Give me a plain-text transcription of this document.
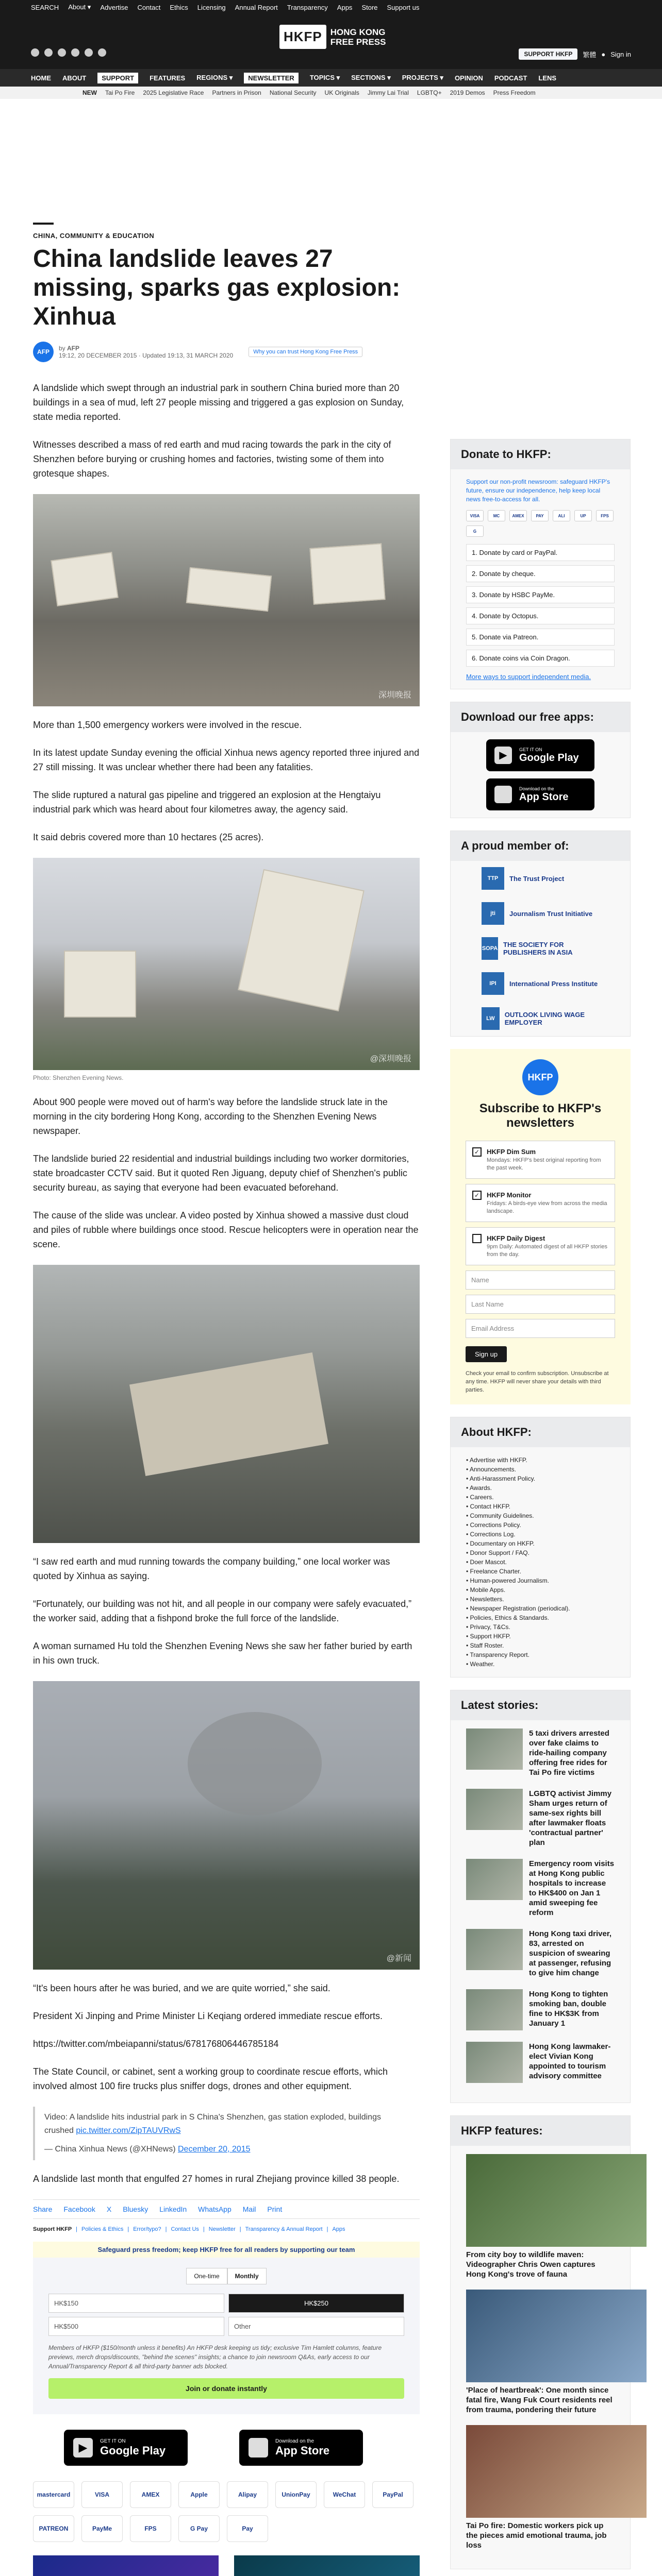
SEARCH About ▾ Advertise Contact Ethics Licensing Annual Report Transparency Apps Store Support us
HKFP HONG KONG
FREE PRESS
SUPPORT HKFP	繁體 ● Sign in
HOME ABOUT	SUPPORT	FEATURES REGIONS ▾	NEWSLETTER	TOPICS ▾ SECTIONS ▾ PROJECTS ▾ OPINION PODCAST LENS
NEW Tai Po Fire 2025 Legislative Race Partners in Prison National Security UK Originals Jimmy Lai Trial LGBTQ+ 2019 Demos Press Freedom
CHINA, COMMUNITY & EDUCATION
China landslide leaves 27 missing, sparks gas explosion: Xinhua
AFP	by AFP
19:12, 20 DECEMBER 2015 · Updated 19:13, 31 MARCH 2020	Why you can trust Hong Kong Free Press

A landslide which swept through an industrial park in southern China buried more than 20 buildings in a sea of mud, left 27 people missing and triggered a gas explosion on Sunday, state media reported.

Witnesses described a mass of red earth and mud racing towards the park in the city of Shenzhen before burying or crushing homes and factories, twisting some of them into grotesque shapes.

深圳晚报

More than 1,500 emergency workers were involved in the rescue.

In its latest update Sunday evening the official Xinhua news agency reported three injured and 27 still missing. It was unclear whether there had been any fatalities.

The slide ruptured a natural gas pipeline and triggered an explosion at the Hengtaiyu industrial park which was heard about four kilometres away, the agency said.

It said debris covered more than 10 hectares (25 acres).

@深圳晚报
Photo: Shenzhen Evening News.

About 900 people were moved out of harm's way before the landslide struck late in the morning in the city bordering Hong Kong, according to the Shenzhen Evening News newspaper.

The landslide buried 22 residential and industrial buildings including two worker dormitories, state broadcaster CCTV said. But it quoted Ren Jiguang, deputy chief of Shenzhen's public security bureau, as saying that everyone had been evacuated beforehand.

The cause of the slide was unclear. A video posted by Xinhua showed a massive dust cloud and piles of rubble where buildings once stood. Rescue helicopters were in operation near the scene.

“I saw red earth and mud running towards the company building,” one local worker was quoted by Xinhua as saying.

“Fortunately, our building was not hit, and all people in our company were safely evacuated,” the worker said, adding that a fishpond broke the full force of the landslide.

A woman surnamed Hu told the Shenzhen Evening News she saw her father buried by earth in his own truck.

@新闻

“It's been hours after he was buried, and we are quite worried,” she said.

President Xi Jinping and Prime Minister Li Keqiang ordered immediate rescue efforts.

https://twitter.com/mbeiapanni/status/678176806446785184

The State Council, or cabinet, sent a working group to coordinate rescue efforts, which involved almost 100 fire trucks plus sniffer dogs, drones and other equipment.

Video: A landslide hits industrial park in S China's Shenzhen, gas station exploded, buildings crushed pic.twitter.com/ZipTAUVRwS
— China Xinhua News (@XHNews) December 20, 2015

A landslide last month that engulfed 27 homes in rural Zhejiang province killed 38 people.

Share Facebook X Bluesky LinkedIn WhatsApp Mail Print
Support HKFP | Policies & Ethics | Error/typo? | Contact Us | Newsletter | Transparency & Annual Report | Apps
Safeguard press freedom; keep HKFP free for all readers by supporting our team
One-time	Monthly
HK$150	HK$250
HK$500	Other
Members of HKFP ($150/month unless it benefits) An HKFP desk keeping us tidy; exclusive Tim Hamlett columns, feature previews, merch drops/discounts, "behind the scenes" insights; a chance to join newsroom Q&As, early access to our Annual/Transparency Report & all third-party banner ads blocked.
Join or donate instantly
▶	GET IT ON
Google Play
Download on the
App Store
mastercard	VISA	AMEX	Apple	Alipay	UnionPay	WeChat	PayPal
PATREON	PayMe	FPS	G Pay	Pay
Donate to HKFP:
Support our non-profit newsroom: safeguard HKFP's future, ensure our independence, help keep local news free-to-access for all.
VISA	MC	AMEX	PAY	ALI	UP	FPS
G
1. Donate by card or PayPal.
2. Donate by cheque.
3. Donate by HSBC PayMe.
4. Donate by Octopus.
5. Donate via Patreon.
6. Donate coins via Coin Dragon.
More ways to support independent media.
Download our free apps:
▶
GET IT ON
Google Play
Download on the
App Store
A proud member of:
TTP	The Trust Project
jti	Journalism Trust Initiative
SOPA THE SOCIETY FOR PUBLISHERS IN ASIA
IPI	International Press Institute
LW	OUTLOOK LIVING WAGE EMPLOYER
HKFP
Subscribe to HKFP's newsletters
✓	HKFP Dim Sum

Mondays: HKFP's best original reporting from the past week.

✓	HKFP Monitor

Fridays: A birds-eye view from across the media landscape.

HKFP Daily Digest

9pm Daily: Automated digest of all HKFP stories from the day.

Name
Last Name
Email Address
Sign up
Check your email to confirm subscription. Unsubscribe at any time. HKFP will never share your details with third parties.
About HKFP:
• Advertise with HKFP.
• Announcements.
• Anti-Harassment Policy.
• Awards.
• Careers.
• Contact HKFP.
• Community Guidelines.
• Corrections Policy.
• Corrections Log.
• Documentary on HKFP.
• Donor Support / FAQ.
• Doer Mascot.
• Freelance Charter.
• Human-powered Journalism.
• Mobile Apps.
• Newsletters.
• Newspaper Registration (periodical).
• Policies, Ethics & Standards.
• Privacy, T&Cs.
• Support HKFP.
• Staff Roster.
• Transparency Report.
• Weather.
Latest stories:
5 taxi drivers arrested over fake claims to ride-hailing company offering free rides for Tai Po fire victims
LGBTQ activist Jimmy Sham urges return of same-sex rights bill after lawmaker floats 'contractual partner' plan
Emergency room visits at Hong Kong public hospitals to increase to HK$400 on Jan 1 amid sweeping fee reform
Hong Kong taxi driver, 83, arrested on suspicion of swearing at passenger, refusing to give him change
Hong Kong to tighten smoking ban, double fine to HK$3K from January 1
Hong Kong lawmaker-elect Vivian Kong appointed to tourism advisory committee
HKFP features:
From city boy to wildlife maven: Videographer Chris Owen captures Hong Kong's trove of fauna
'Place of heartbreak': One month since fatal fire, Wang Fuk Court residents reel from trauma, pondering their future
Tai Po fire: Domestic workers pick up the pieces amid emotional trauma, job loss
